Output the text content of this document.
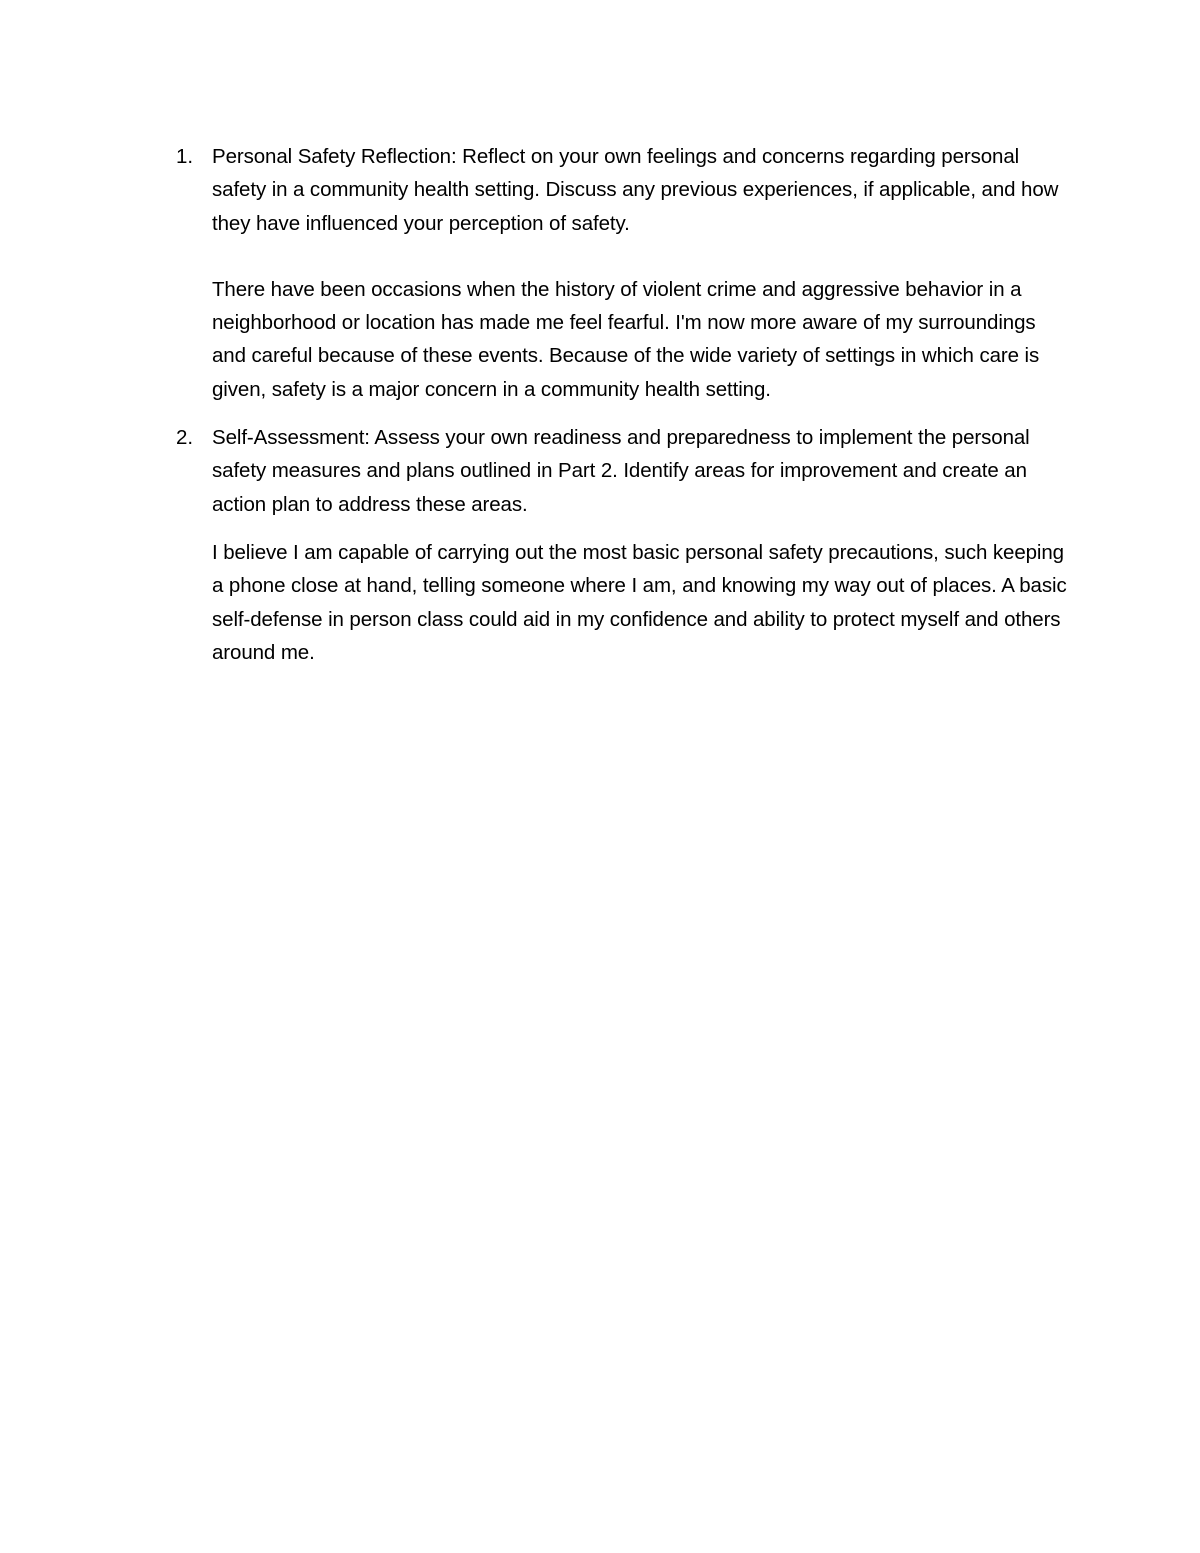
1. Personal Safety Reflection: Reflect on your own feelings and concerns regarding personal safety in a community health setting. Discuss any previous experiences, if applicable, and how they have influenced your perception of safety.

There have been occasions when the history of violent crime and aggressive behavior in a neighborhood or location has made me feel fearful. I'm now more aware of my surroundings and careful because of these events. Because of the wide variety of settings in which care is given, safety is a major concern in a community health setting.

2. Self-Assessment: Assess your own readiness and preparedness to implement the personal safety measures and plans outlined in Part 2. Identify areas for improvement and create an action plan to address these areas.

I believe I am capable of carrying out the most basic personal safety precautions, such keeping a phone close at hand, telling someone where I am, and knowing my way out of places. A basic self-defense in person class could aid in my confidence and ability to protect myself and others around me.
